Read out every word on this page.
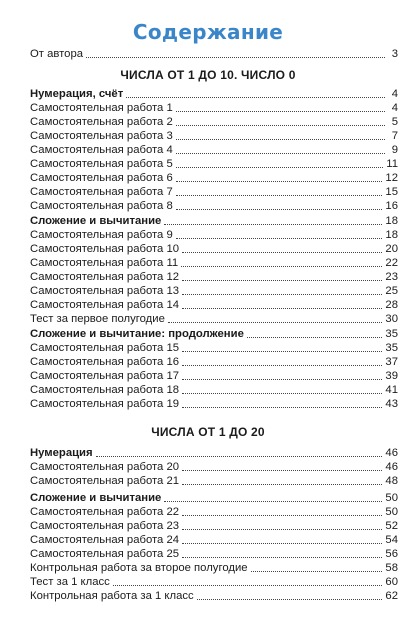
Содержание
От автора	3
ЧИСЛА ОТ 1 ДО 10. ЧИСЛО 0
Нумерация, счёт	4
Самостоятельная работа 1	4
Самостоятельная работа 2	5
Самостоятельная работа 3	7
Самостоятельная работа 4	9
Самостоятельная работа 5	11
Самостоятельная работа 6	12
Самостоятельная работа 7	15
Самостоятельная работа 8	16
Сложение и вычитание	18
Самостоятельная работа 9	18
Самостоятельная работа 10	20
Самостоятельная работа 11	22
Самостоятельная работа 12	23
Самостоятельная работа 13	25
Самостоятельная работа 14	28
Тест за первое полугодие	30
Сложение и вычитание: продолжение	35
Самостоятельная работа 15	35
Самостоятельная работа 16	37
Самостоятельная работа 17	39
Самостоятельная работа 18	41
Самостоятельная работа 19	43
ЧИСЛА ОТ 1 ДО 20
Нумерация	46
Самостоятельная работа 20	46
Самостоятельная работа 21	48
Сложение и вычитание	50
Самостоятельная работа 22	50
Самостоятельная работа 23	52
Самостоятельная работа 24	54
Самостоятельная работа 25	56
Контрольная работа за второе полугодие	58
Тест за 1 класс	60
Контрольная работа за 1 класс	62
